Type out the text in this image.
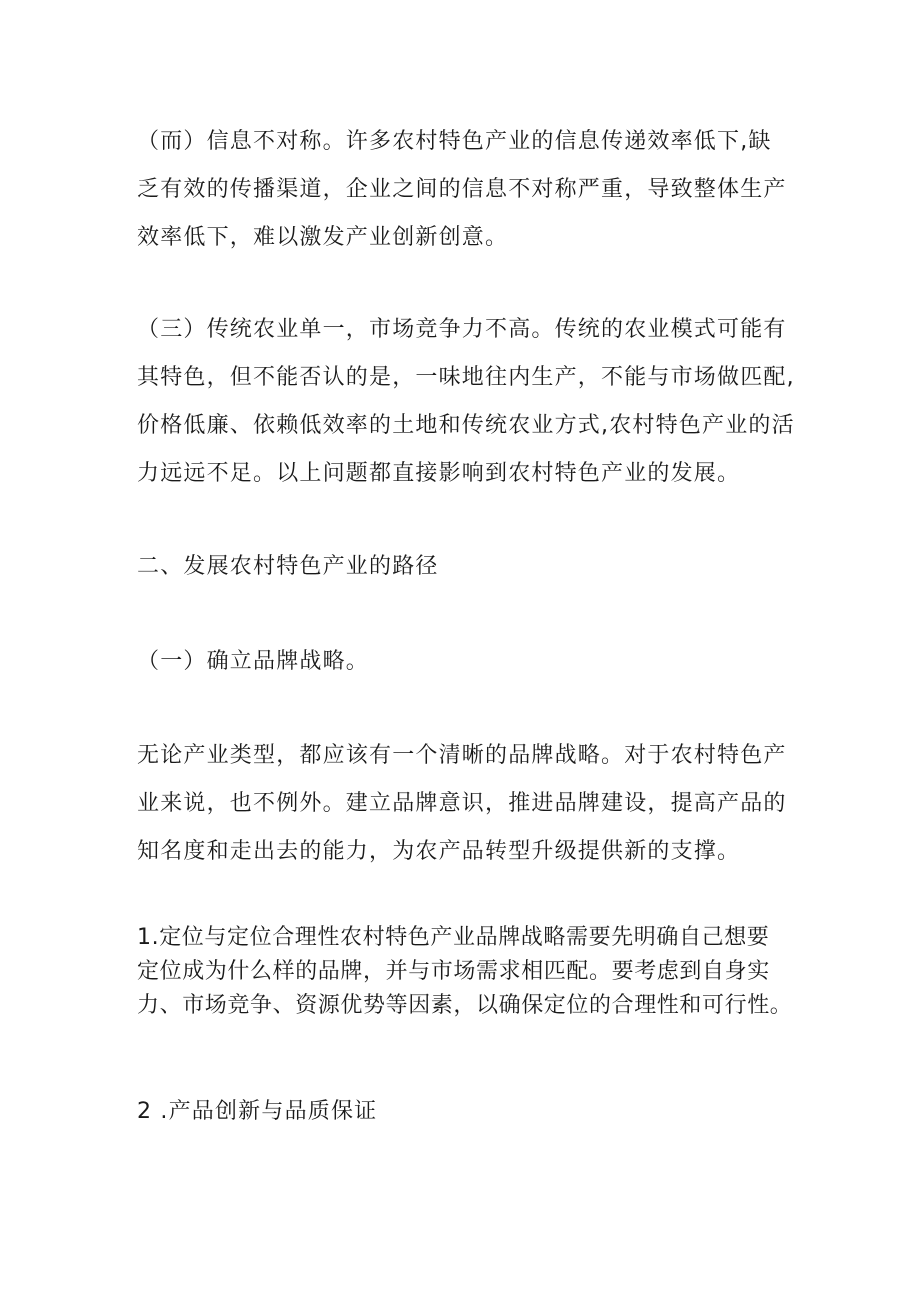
（而）信息不对称。许多农村特色产业的信息传递效率低下,缺
乏有效的传播渠道，企业之间的信息不对称严重，导致整体生产
效率低下，难以激发产业创新创意。

（三）传统农业单一，市场竞争力不高。传统的农业模式可能有
其特色，但不能否认的是，一味地往内生产，不能与市场做匹配,
价格低廉、依赖低效率的土地和传统农业方式,农村特色产业的活
力远远不足。以上问题都直接影响到农村特色产业的发展。

二、发展农村特色产业的路径

（一）确立品牌战略。

无论产业类型，都应该有一个清晰的品牌战略。对于农村特色产
业来说，也不例外。建立品牌意识，推进品牌建设，提高产品的
知名度和走出去的能力，为农产品转型升级提供新的支撑。

1.定位与定位合理性农村特色产业品牌战略需要先明确自己想要
定位成为什么样的品牌，并与市场需求相匹配。要考虑到自身实
力、市场竞争、资源优势等因素，以确保定位的合理性和可行性。

2 .产品创新与品质保证
